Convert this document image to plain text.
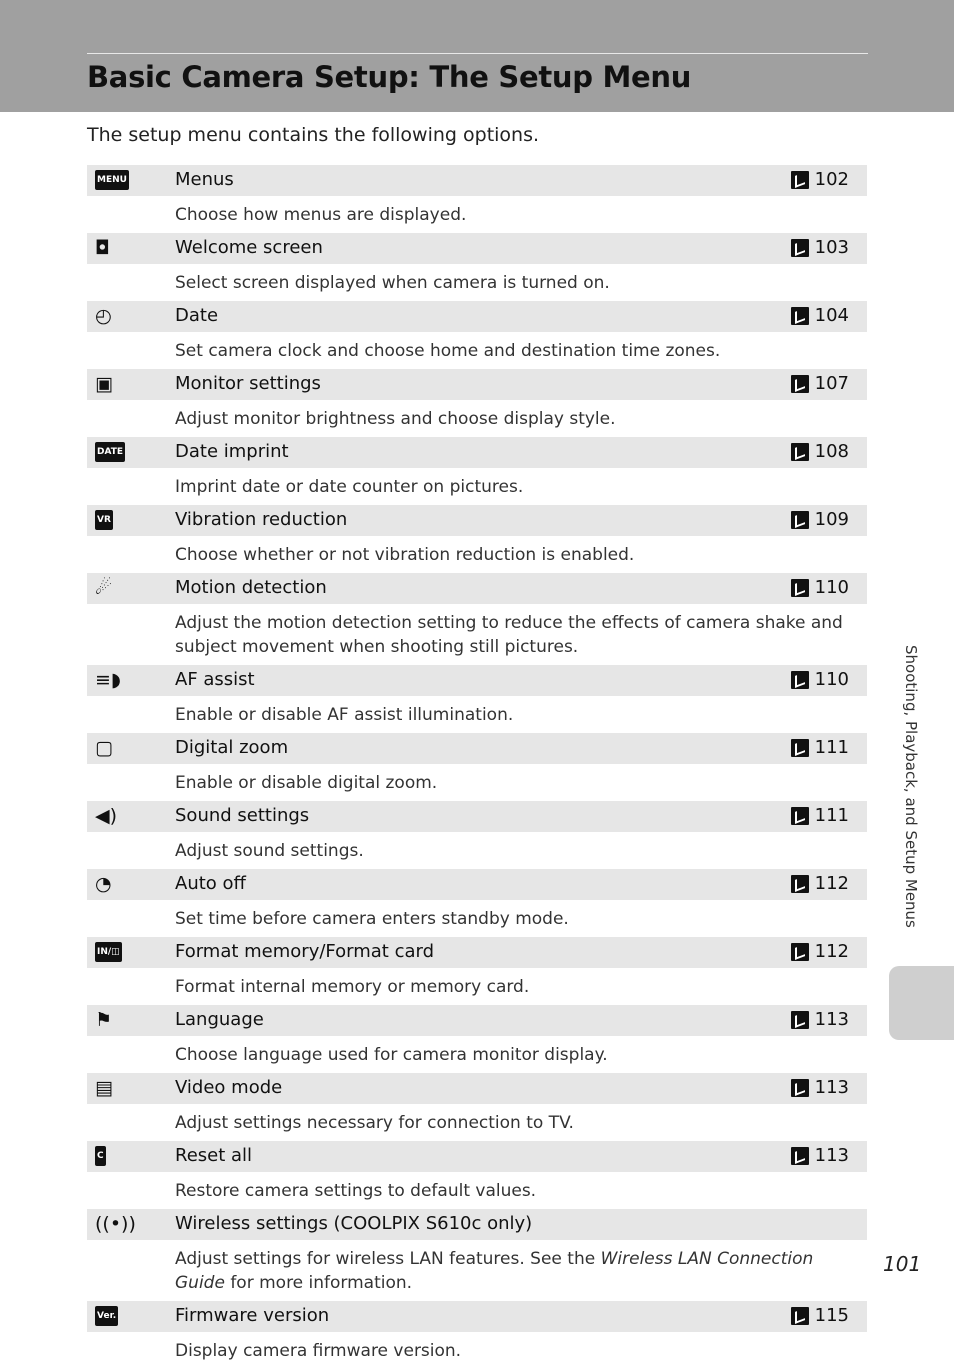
Basic Camera Setup: The Setup Menu
The setup menu contains the following options.
MENU	Menus	102
Choose how menus are displayed.
◘	Welcome screen	103
Select screen displayed when camera is turned on.
◴	Date	104
Set camera clock and choose home and destination time zones.
▣	Monitor settings	107
Adjust monitor brightness and choose display style.
DATE	Date imprint	108
Imprint date or date counter on pictures.
VR	Vibration reduction	109
Choose whether or not vibration reduction is enabled.
☄	Motion detection	110
Adjust the motion detection setting to reduce the effects of camera shake and subject movement when shooting still pictures.
≡◗	AF assist	110
Enable or disable AF assist illumination.
▢	Digital zoom	111
Enable or disable digital zoom.
◀)	Sound settings	111
Adjust sound settings.
◔	Auto off	112
Set time before camera enters standby mode.
IN/◫	Format memory/Format card	112
Format internal memory or memory card.
⚑	Language	113
Choose language used for camera monitor display.
▤	Video mode	113
Adjust settings necessary for connection to TV.
C	Reset all	113
Restore camera settings to default values.
((•)) Wireless settings (COOLPIX S610c only)
Adjust settings for wireless LAN features. See the Wireless LAN Connection Guide for more information.
Ver.	Firmware version	115
Display camera firmware version.
Shooting, Playback, and Setup Menus
101
